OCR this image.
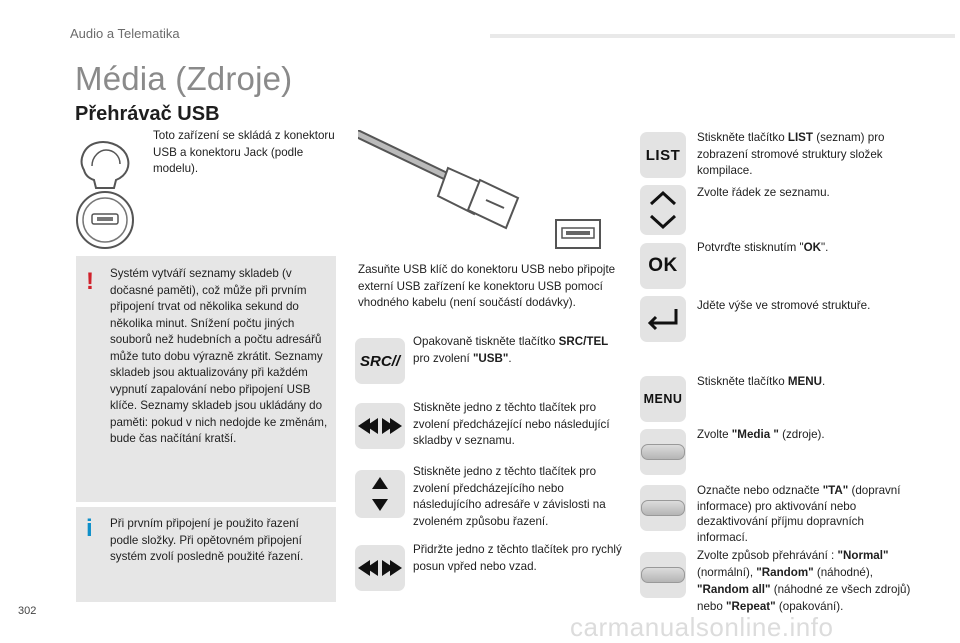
Audio a Telematika
Média (Zdroje)
Přehrávač USB
Toto zařízení se skládá z konektoru USB a konektoru Jack (podle modelu).
! Systém vytváří seznamy skladeb (v dočasné paměti), což může při prvním připojení trvat od několika sekund do několika minut. Snížení počtu jiných souborů než hudebních a počtu adresářů může tuto dobu výrazně zkrátit. Seznamy skladeb jsou aktualizovány při každém vypnutí zapalování nebo připojení USB klíče. Seznamy skladeb jsou ukládány do paměti: pokud v nich nedojde ke změnám, bude čas načítání kratší.
i Při prvním připojení je použito řazení podle složky. Při opětovném připojení systém zvolí posledně použité řazení.
Zasuňte USB klíč do konektoru USB nebo připojte externí USB zařízení ke konektoru USB pomocí vhodného kabelu (není součástí dodávky).
SRC//
Opakovaně tiskněte tlačítko SRC/TEL pro zvolení "USB".
Stiskněte jedno z těchto tlačítek pro zvolení předcházející nebo následující skladby v seznamu.
Stiskněte jedno z těchto tlačítek pro zvolení předcházejícího nebo následujícího adresáře v závislosti na zvoleném způsobu řazení.
Přidržte jedno z těchto tlačítek pro rychlý posun vpřed nebo vzad.
LIST
Stiskněte tlačítko LIST (seznam) pro zobrazení stromové struktury složek kompilace.
Zvolte řádek ze seznamu.
OK
Potvrďte stisknutím "OK".
Jděte výše ve stromové struktuře.
MENU
Stiskněte tlačítko MENU.
Zvolte "Media " (zdroje).
Označte nebo odznačte "TA" (dopravní informace) pro aktivování nebo dezaktivování příjmu dopravních informací.
Zvolte způsob přehrávání : "Normal" (normální), "Random" (náhodné), "Random all" (náhodné ze všech zdrojů) nebo "Repeat" (opakování).
302
carmanualsonline.info
